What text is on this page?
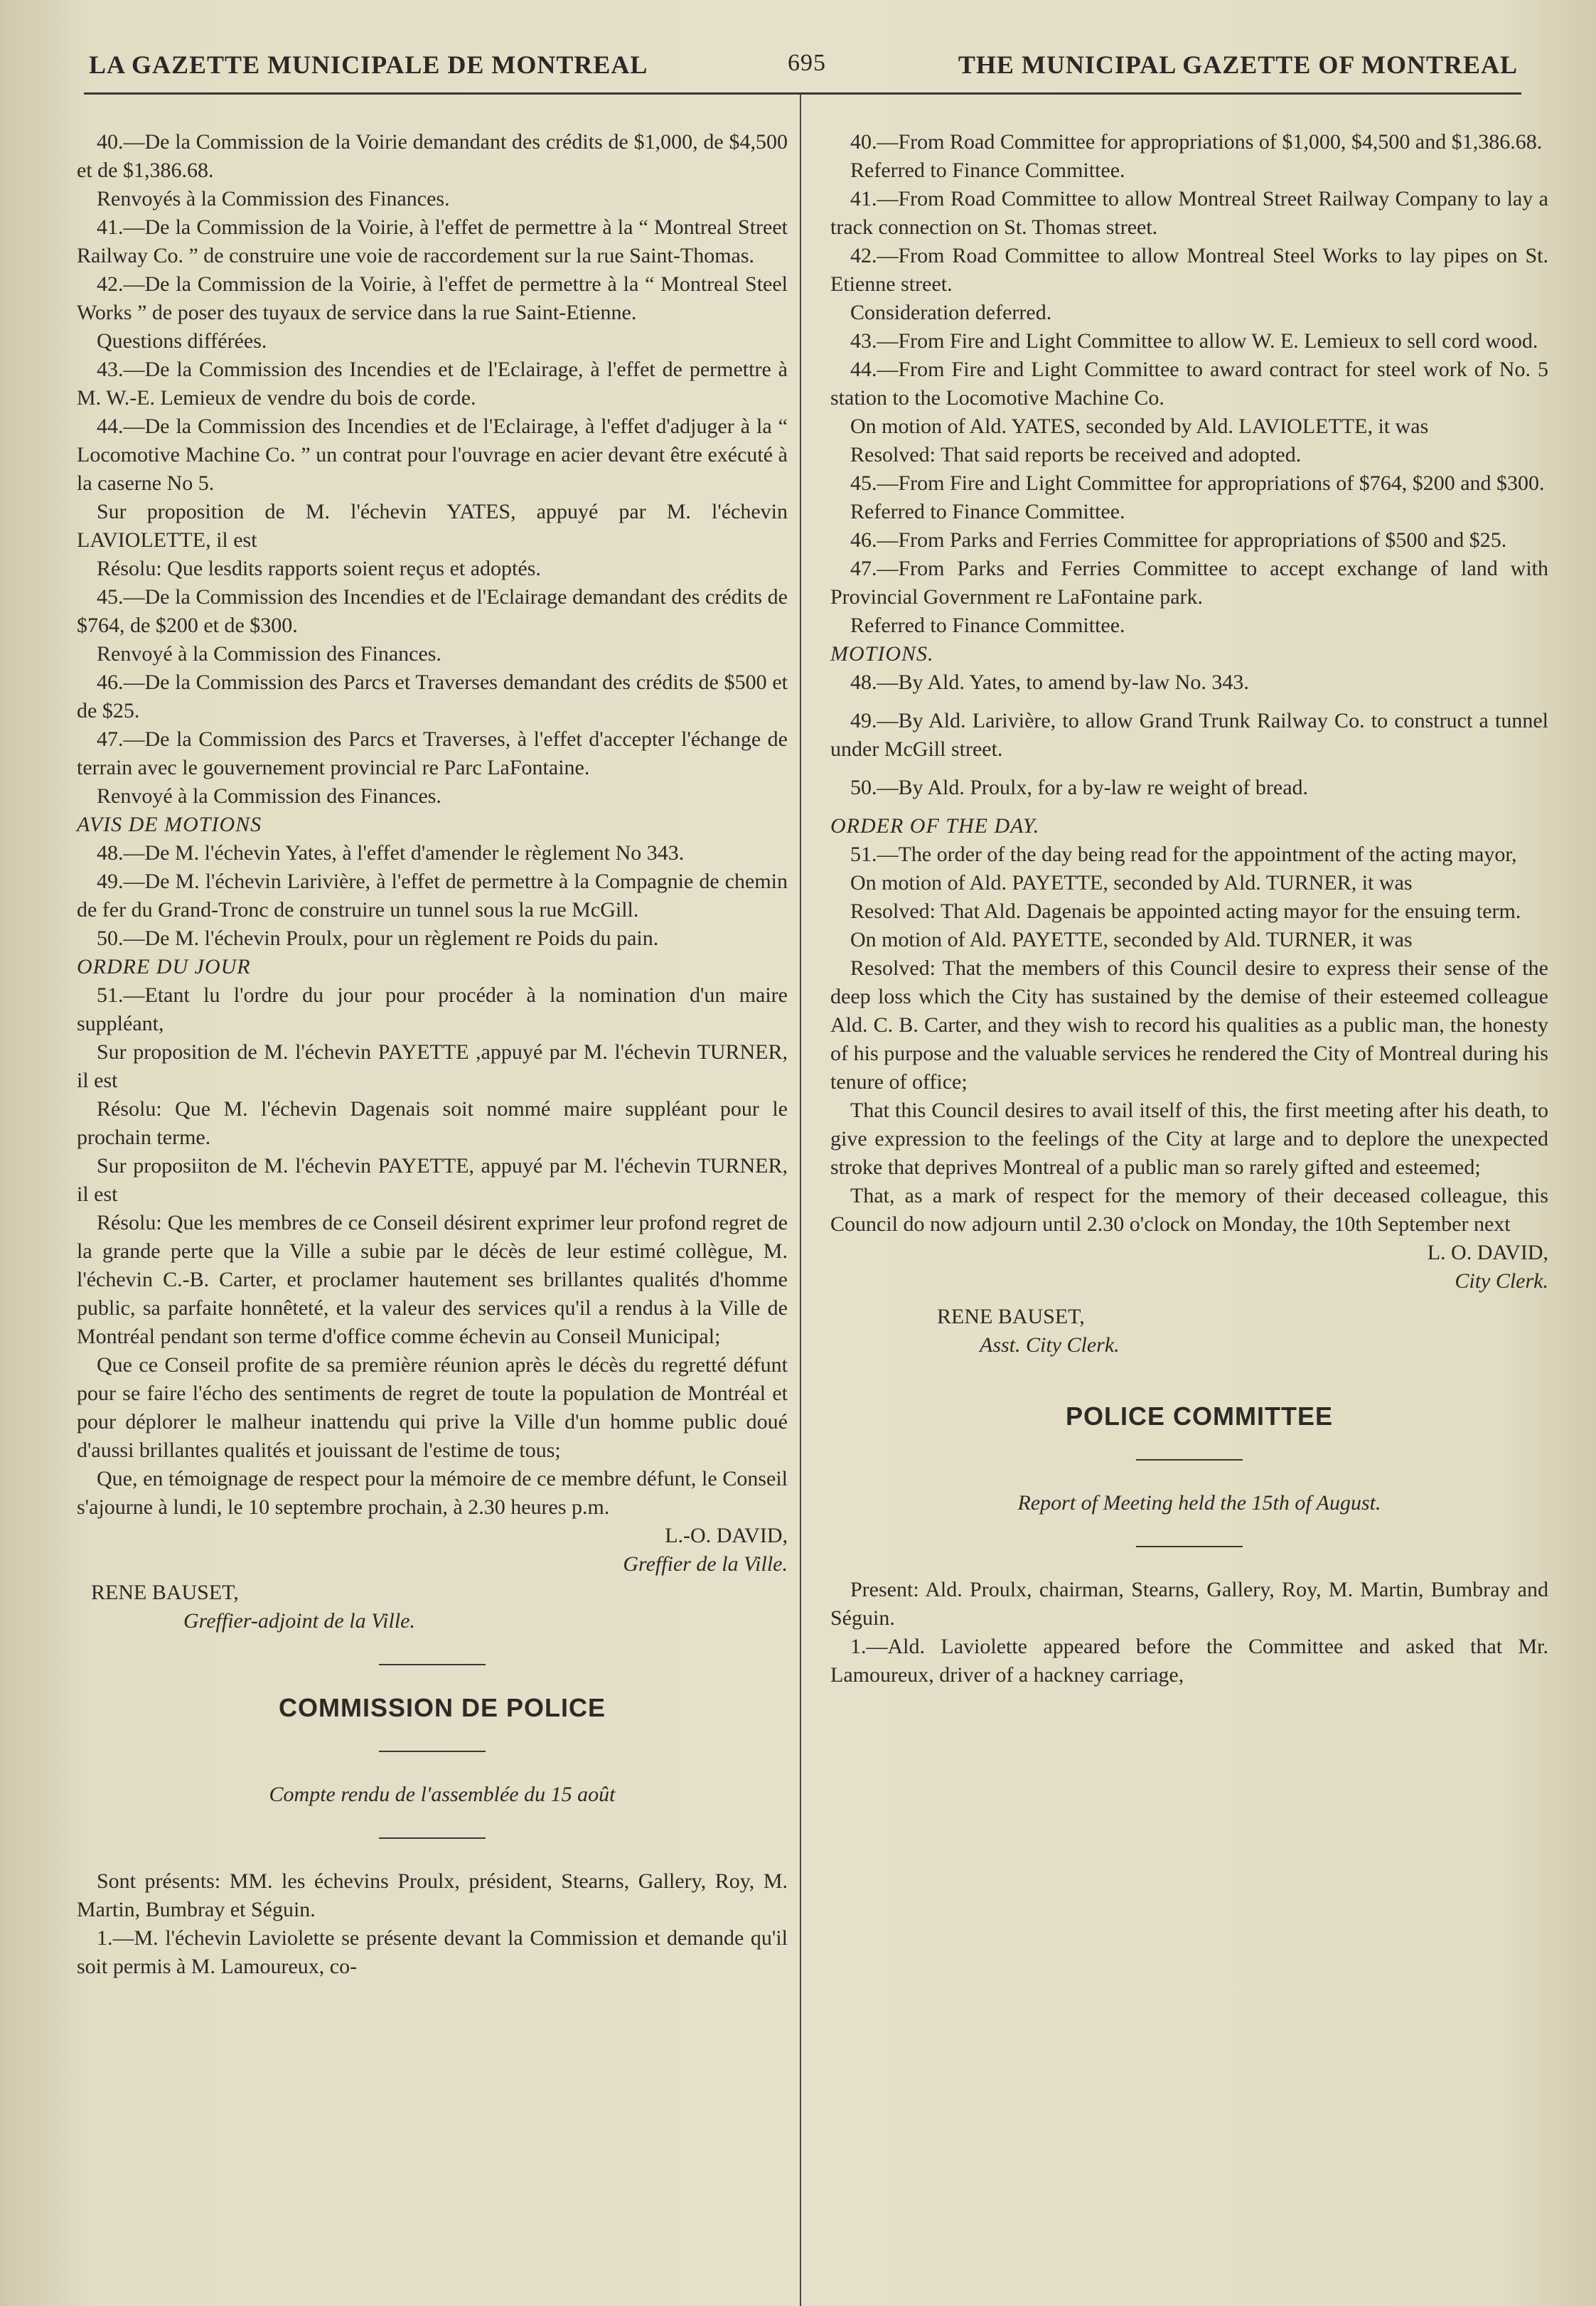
LA GAZETTE MUNICIPALE DE MONTREAL	695	THE MUNICIPAL GAZETTE OF MONTREAL

40.—De la Commission de la Voirie demandant des crédits de $1,000, de $4,500 et de $1,386.68.

Renvoyés à la Commission des Finances.

41.—De la Commission de la Voirie, à l'effet de permettre à la “ Montreal Street Railway Co. ” de construire une voie de raccordement sur la rue Saint-Thomas.

42.—De la Commission de la Voirie, à l'effet de permettre à la “ Montreal Steel Works ” de poser des tuyaux de service dans la rue Saint-Etienne.

Questions différées.

43.—De la Commission des Incendies et de l'Eclairage, à l'effet de permettre à M. W.-E. Lemieux de vendre du bois de corde.

44.—De la Commission des Incendies et de l'Eclairage, à l'effet d'adjuger à la “ Locomotive Machine Co. ” un contrat pour l'ouvrage en acier devant être exécuté à la caserne No 5.

Sur proposition de M. l'échevin YATES, appuyé par M. l'échevin LAVIOLETTE, il est

Résolu: Que lesdits rapports soient reçus et adoptés.

45.—De la Commission des Incendies et de l'Eclairage demandant des crédits de $764, de $200 et de $300.

Renvoyé à la Commission des Finances.

46.—De la Commission des Parcs et Traverses demandant des crédits de $500 et de $25.

47.—De la Commission des Parcs et Traverses, à l'effet d'accepter l'échange de terrain avec le gouvernement provincial re Parc LaFontaine.

Renvoyé à la Commission des Finances.

AVIS DE MOTIONS

48.—De M. l'échevin Yates, à l'effet d'amender le règlement No 343.

49.—De M. l'échevin Larivière, à l'effet de permettre à la Compagnie de chemin de fer du Grand-Tronc de construire un tunnel sous la rue McGill.

50.—De M. l'échevin Proulx, pour un règlement re Poids du pain.

ORDRE DU JOUR

51.—Etant lu l'ordre du jour pour procéder à la nomination d'un maire suppléant,

Sur proposition de M. l'échevin PAYETTE ,appuyé par M. l'échevin TURNER, il est

Résolu: Que M. l'échevin Dagenais soit nommé maire suppléant pour le prochain terme.

Sur proposiiton de M. l'échevin PAYETTE, appuyé par M. l'échevin TURNER, il est

Résolu: Que les membres de ce Conseil désirent exprimer leur profond regret de la grande perte que la Ville a subie par le décès de leur estimé collègue, M. l'échevin C.-B. Carter, et proclamer hautement ses brillantes qualités d'homme public, sa parfaite honnêteté, et la valeur des services qu'il a rendus à la Ville de Montréal pendant son terme d'office comme échevin au Conseil Municipal;

Que ce Conseil profite de sa première réunion après le décès du regretté défunt pour se faire l'écho des sentiments de regret de toute la population de Montréal et pour déplorer le malheur inattendu qui prive la Ville d'un homme public doué d'aussi brillantes qualités et jouissant de l'estime de tous;

Que, en témoignage de respect pour la mémoire de ce membre défunt, le Conseil s'ajourne à lundi, le 10 septembre prochain, à 2.30 heures p.m.

L.-O. DAVID,

Greffier de la Ville.

RENE BAUSET,

Greffier-adjoint de la Ville.

COMMISSION DE POLICE

Compte rendu de l'assemblée du 15 août

Sont présents: MM. les échevins Proulx, président, Stearns, Gallery, Roy, M. Martin, Bumbray et Séguin.

1.—M. l'échevin Laviolette se présente devant la Commission et demande qu'il soit permis à M. Lamoureux, co-

40.—From Road Committee for appropriations of $1,000, $4,500 and $1,386.68.

Referred to Finance Committee.

41.—From Road Committee to allow Montreal Street Railway Company to lay a track connection on St. Thomas street.

42.—From Road Committee to allow Montreal Steel Works to lay pipes on St. Etienne street.

Consideration deferred.

43.—From Fire and Light Committee to allow W. E. Lemieux to sell cord wood.

44.—From Fire and Light Committee to award contract for steel work of No. 5 station to the Locomotive Machine Co.

On motion of Ald. YATES, seconded by Ald. LAVIOLETTE, it was

Resolved: That said reports be received and adopted.

45.—From Fire and Light Committee for appropriations of $764, $200 and $300.

Referred to Finance Committee.

46.—From Parks and Ferries Committee for appropriations of $500 and $25.

47.—From Parks and Ferries Committee to accept exchange of land with Provincial Government re LaFontaine park.

Referred to Finance Committee.

MOTIONS.

48.—By Ald. Yates, to amend by-law No. 343.

49.—By Ald. Larivière, to allow Grand Trunk Railway Co. to construct a tunnel under McGill street.

50.—By Ald. Proulx, for a by-law re weight of bread.

ORDER OF THE DAY.

51.—The order of the day being read for the appointment of the acting mayor,

On motion of Ald. PAYETTE, seconded by Ald. TURNER, it was

Resolved: That Ald. Dagenais be appointed acting mayor for the ensuing term.

On motion of Ald. PAYETTE, seconded by Ald. TURNER, it was

Resolved: That the members of this Council desire to express their sense of the deep loss which the City has sustained by the demise of their esteemed colleague Ald. C. B. Carter, and they wish to record his qualities as a public man, the honesty of his purpose and the valuable services he rendered the City of Montreal during his tenure of office;

That this Council desires to avail itself of this, the first meeting after his death, to give expression to the feelings of the City at large and to deplore the unexpected stroke that deprives Montreal of a public man so rarely gifted and esteemed;

That, as a mark of respect for the memory of their deceased colleague, this Council do now adjourn until 2.30 o'clock on Monday, the 10th September next

L. O. DAVID,

City Clerk.

RENE BAUSET,

Asst. City Clerk.

POLICE COMMITTEE

Report of Meeting held the 15th of August.

Present: Ald. Proulx, chairman, Stearns, Gallery, Roy, M. Martin, Bumbray and Séguin.

1.—Ald. Laviolette appeared before the Committee and asked that Mr. Lamoureux, driver of a hackney carriage,
